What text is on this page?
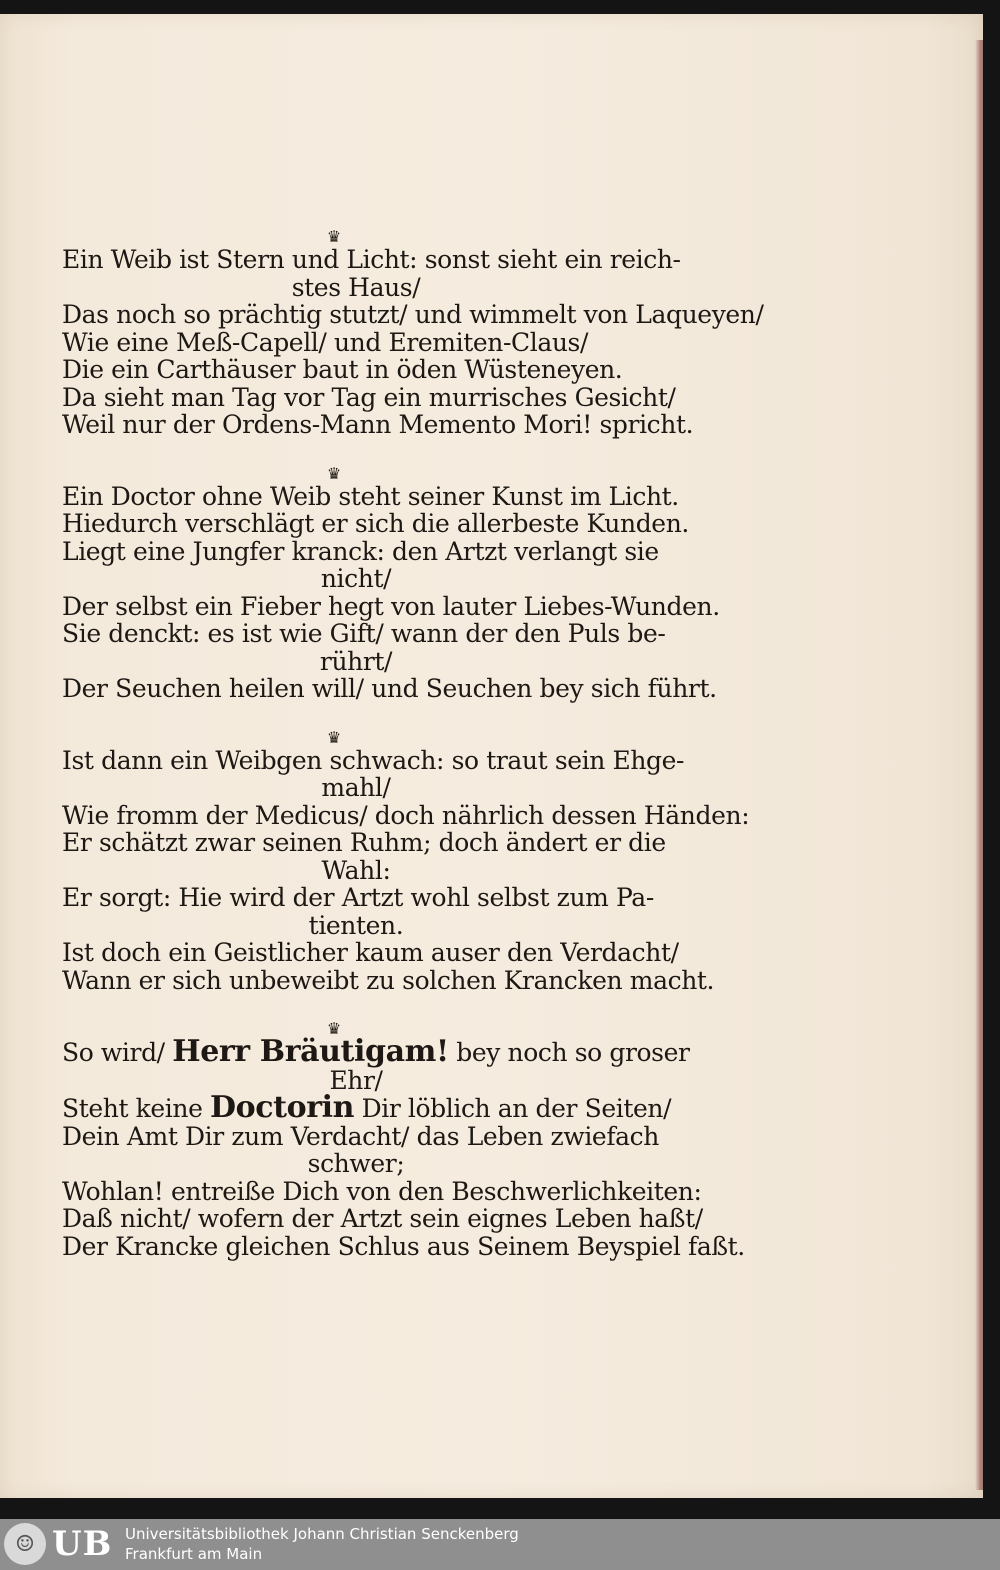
♛
Ein Weib ist Stern und Licht: sonst sieht ein reich-
stes Haus/
Das noch so prächtig stutzt/ und wimmelt von Laqueyen/
Wie eine Meß-Capell/ und Eremiten-Claus/
Die ein Carthäuser baut in öden Wüsteneyen.
Da sieht man Tag vor Tag ein murrisches Gesicht/
Weil nur der Ordens-Mann Memento Mori! spricht.
♛
Ein Doctor ohne Weib steht seiner Kunst im Licht.
Hiedurch verschlägt er sich die allerbeste Kunden.
Liegt eine Jungfer kranck: den Artzt verlangt sie
nicht/
Der selbst ein Fieber hegt von lauter Liebes-Wunden.
Sie denckt: es ist wie Gift/ wann der den Puls be-
rührt/
Der Seuchen heilen will/ und Seuchen bey sich führt.
♛
Ist dann ein Weibgen schwach: so traut sein Ehge-
mahl/
Wie fromm der Medicus/ doch nährlich dessen Händen:
Er schätzt zwar seinen Ruhm; doch ändert er die
Wahl:
Er sorgt: Hie wird der Artzt wohl selbst zum Pa-
tienten.
Ist doch ein Geistlicher kaum auser den Verdacht/
Wann er sich unbeweibt zu solchen Krancken macht.
♛
So wird/ Herr Bräutigam! bey noch so groser
Ehr/
Steht keine Doctorin Dir löblich an der Seiten/
Dein Amt Dir zum Verdacht/ das Leben zwiefach
schwer;
Wohlan! entreiße Dich von den Beschwerlichkeiten:
Daß nicht/ wofern der Artzt sein eignes Leben haßt/
Der Krancke gleichen Schlus aus Seinem Beyspiel faßt.
☺ UB Universitätsbibliothek Johann Christian Senckenberg
Frankfurt am Main
